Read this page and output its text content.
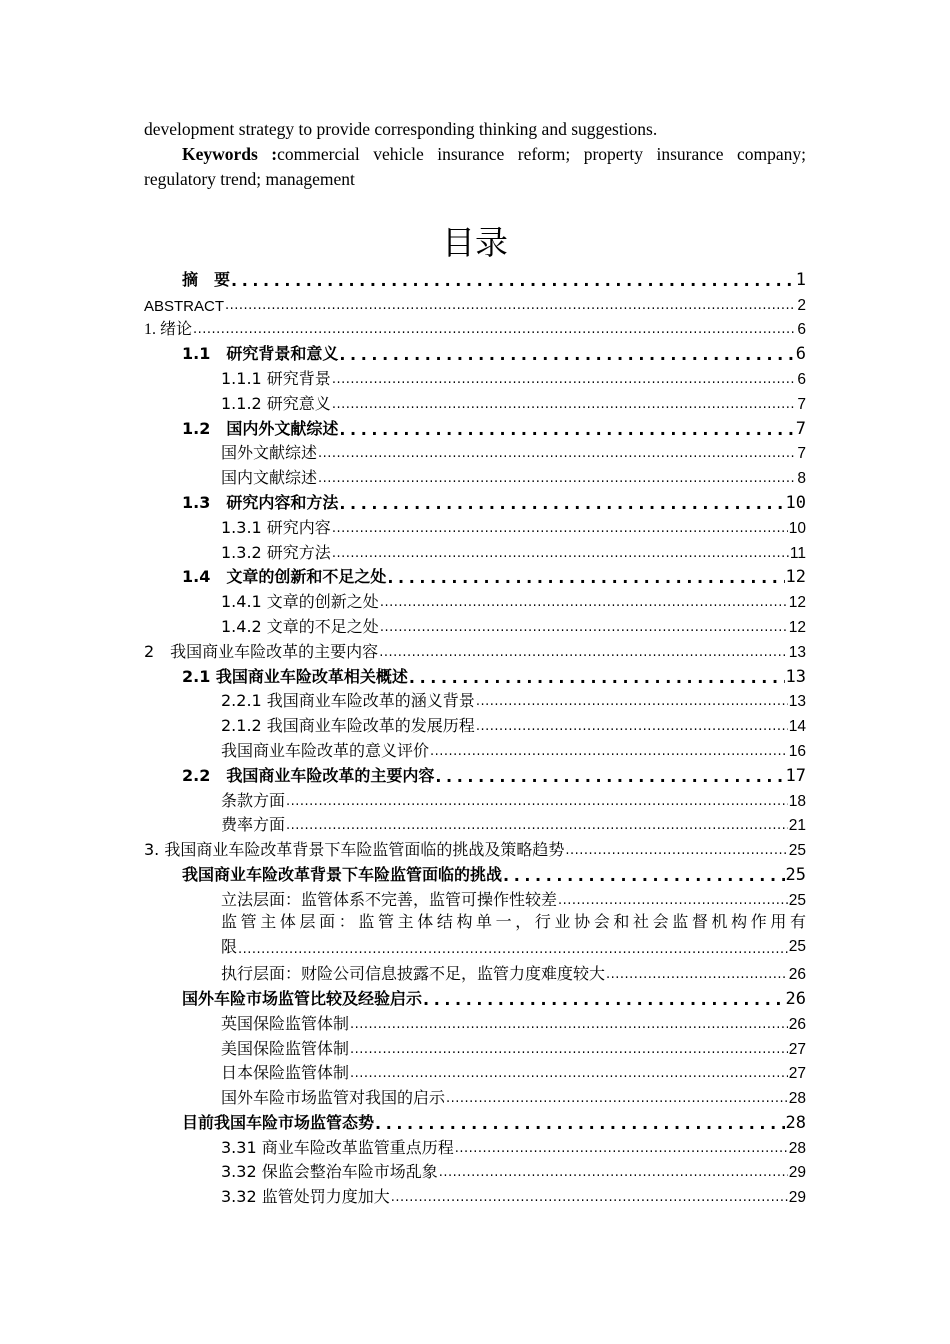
development strategy to provide corresponding thinking and suggestions.
Keywords :commercial vehicle insurance reform; property insurance company; regulatory trend; management
目录
摘　要 .....	1
ABSTRACT .....	2
1. 绪论 .....	6
1.1　研究背景和意义 .....	6
1.1.1 研究背景 .....	6
1.1.2 研究意义 .....	7
1.2　国内外文献综述 .....	7
国外文献综述 .....	7
国内文献综述 .....	8
1.3　研究内容和方法 .....	10
1.3.1 研究内容 .....	10
1.3.2 研究方法 .....	11
1.4　文章的创新和不足之处 .....	12
1.4.1 文章的创新之处 .....	12
1.4.2 文章的不足之处 .....	12
2　我国商业车险改革的主要内容 .....	13
2.1 我国商业车险改革相关概述 .....	13
2.2.1 我国商业车险改革的涵义背景 .....	13
2.1.2 我国商业车险改革的发展历程 .....	14
我国商业车险改革的意义评价 .....	16
2.2　我国商业车险改革的主要内容 .....	17
条款方面 .....	18
费率方面 .....	21
3. 我国商业车险改革背景下车险监管面临的挑战及策略趋势 .....	25
我国商业车险改革背景下车险监管面临的挑战 .....	25
立法层面：监管体系不完善，监管可操作性较差 .....	25
监管主体层面：监管主体结构单一，行业协会和社会监督机构作用有
限 .....	25
执行层面：财险公司信息披露不足，监管力度难度较大 .....	26
国外车险市场监管比较及经验启示 .....	26
英国保险监管体制 .....	26
美国保险监管体制 .....	27
日本保险监管体制 .....	27
国外车险市场监管对我国的启示 .....	28
目前我国车险市场监管态势 .....	28
3.31 商业车险改革监管重点历程 .....	28
3.32 保监会整治车险市场乱象 .....	29
3.32 监管处罚力度加大 .....	29
